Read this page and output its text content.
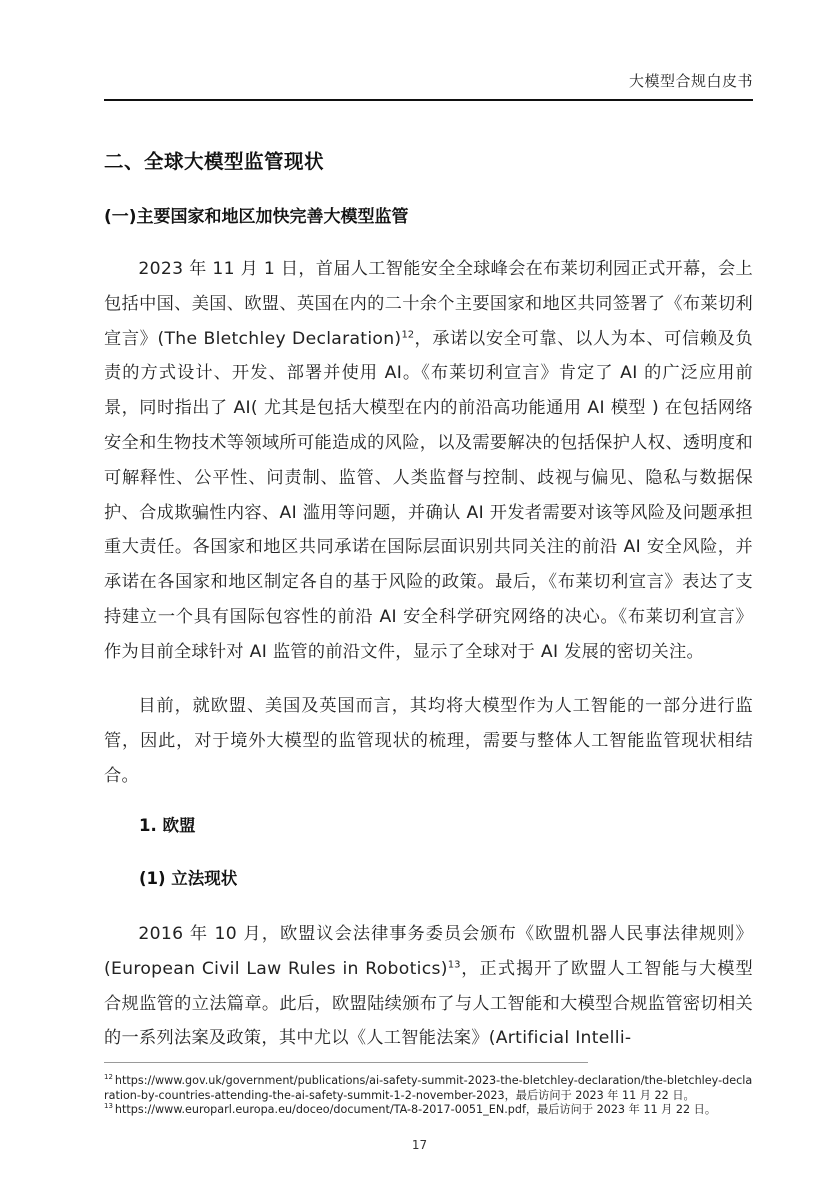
大模型合规白皮书
二、全球大模型监管现状
(一)主要国家和地区加快完善大模型监管

2023 年 11 月 1 日，首届人工智能安全全球峰会在布莱切利园正式开幕，会上包括中国、美国、欧盟、英国在内的二十余个主要国家和地区共同签署了《布莱切利宣言》(The Bletchley Declaration)$^{12}$，承诺以安全可靠、以人为本、可信赖及负责的方式设计、开发、部署并使用 AI。《布莱切利宣言》肯定了 AI 的广泛应用前景，同时指出了 AI( 尤其是包括大模型在内的前沿高功能通用 AI 模型 ) 在包括网络安全和生物技术等领域所可能造成的风险，以及需要解决的包括保护人权、透明度和可解释性、公平性、问责制、监管、人类监督与控制、歧视与偏见、隐私与数据保护、合成欺骗性内容、AI 滥用等问题，并确认 AI 开发者需要对该等风险及问题承担重大责任。各国家和地区共同承诺在国际层面识别共同关注的前沿 AI 安全风险，并承诺在各国家和地区制定各自的基于风险的政策。最后，《布莱切利宣言》表达了支持建立一个具有国际包容性的前沿 AI 安全科学研究网络的决心。《布莱切利宣言》作为目前全球针对 AI 监管的前沿文件，显示了全球对于 AI 发展的密切关注。

目前，就欧盟、美国及英国而言，其均将大模型作为人工智能的一部分进行监管，因此，对于境外大模型的监管现状的梳理，需要与整体人工智能监管现状相结合。

1. 欧盟
(1) 立法现状

2016 年 10 月，欧盟议会法律事务委员会颁布《欧盟机器人民事法律规则》(European Civil Law Rules in Robotics)$^{13}$，正式揭开了欧盟人工智能与大模型合规监管的立法篇章。此后，欧盟陆续颁布了与人工智能和大模型合规监管密切相关的一系列法案及政策，其中尤以《人工智能法案》(Artificial Intelli-

$^{12}$ https://www.gov.uk/government/publications/ai-safety-summit-2023-the-bletchley-declaration/the-bletchley-declaration-by-countries-attending-the-ai-safety-summit-1-2-november-2023，最后访问于 2023 年 11 月 22 日。

$^{13}$ https://www.europarl.europa.eu/doceo/document/TA-8-2017-0051_EN.pdf，最后访问于 2023 年 11 月 22 日。

17
